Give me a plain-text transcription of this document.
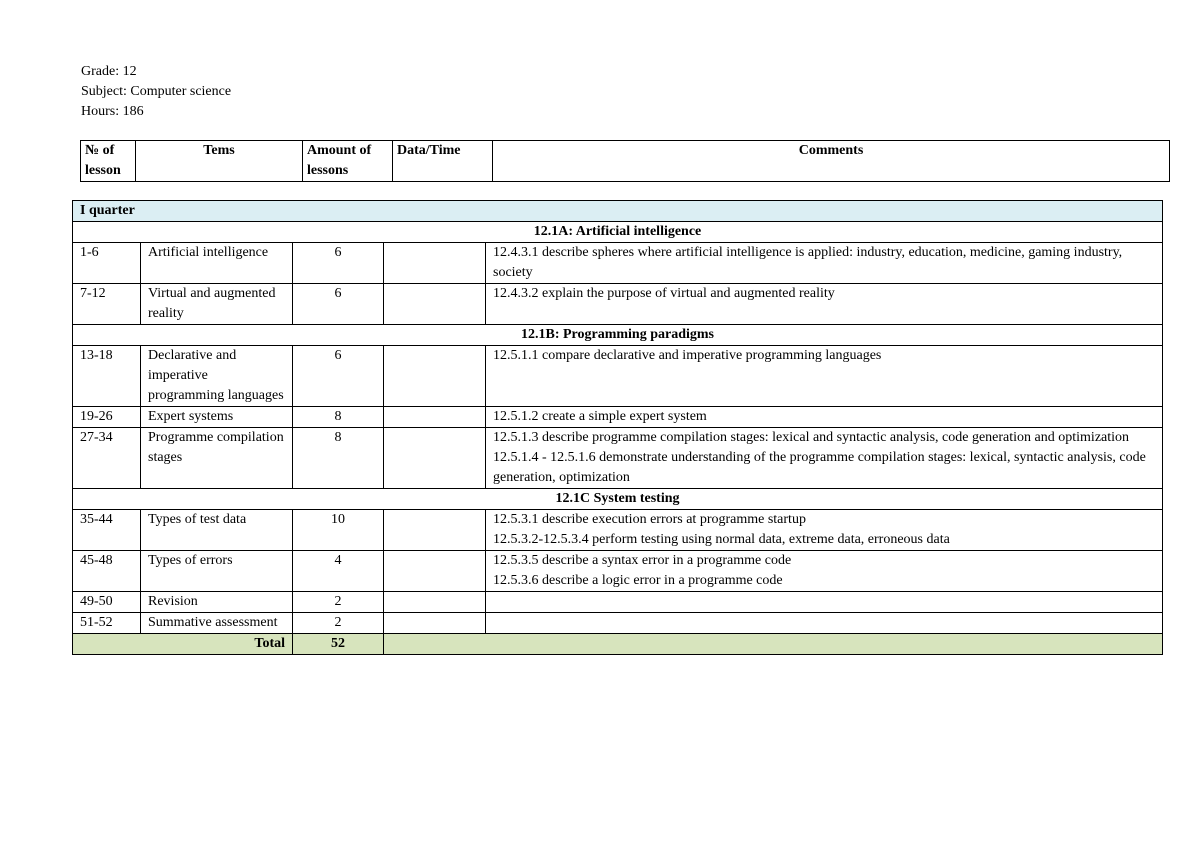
Grade: 12
Subject: Computer science
Hours: 186
№ of lesson	Tems	Amount of lessons	Data/Time	Comments
I quarter				
12.1A: Artificial intelligence				
1-6	Artificial intelligence	6		12.4.3.1 describe spheres where artificial intelligence is applied: industry, education, medicine, gaming industry, society

7-12	Virtual and augmented reality	6		12.4.3.2 explain the purpose of virtual and augmented reality

12.1B: Programming paradigms				
13-18	Declarative and imperative programming languages	6		12.5.1.1 compare declarative and imperative programming languages

19-26	Expert systems	8		12.5.1.2 create a simple expert system

27-34	Programme compilation stages	8		12.5.1.3 describe programme compilation stages: lexical and syntactic analysis, code generation and optimization
12.5.1.4 - 12.5.1.6 demonstrate understanding of the programme compilation stages: lexical, syntactic analysis, code generation, optimization

12.1C System testing				
35-44	Types of test data	10		12.5.3.1 describe execution errors at programme startup
12.5.3.2-12.5.3.4 perform testing using normal data, extreme data, erroneous data

45-48	Types of errors	4		12.5.3.5 describe a syntax error in a programme code
12.5.3.6 describe a logic error in a programme code

49-50	Revision	2		
51-52	Summative assessment	2		
Total		52		
